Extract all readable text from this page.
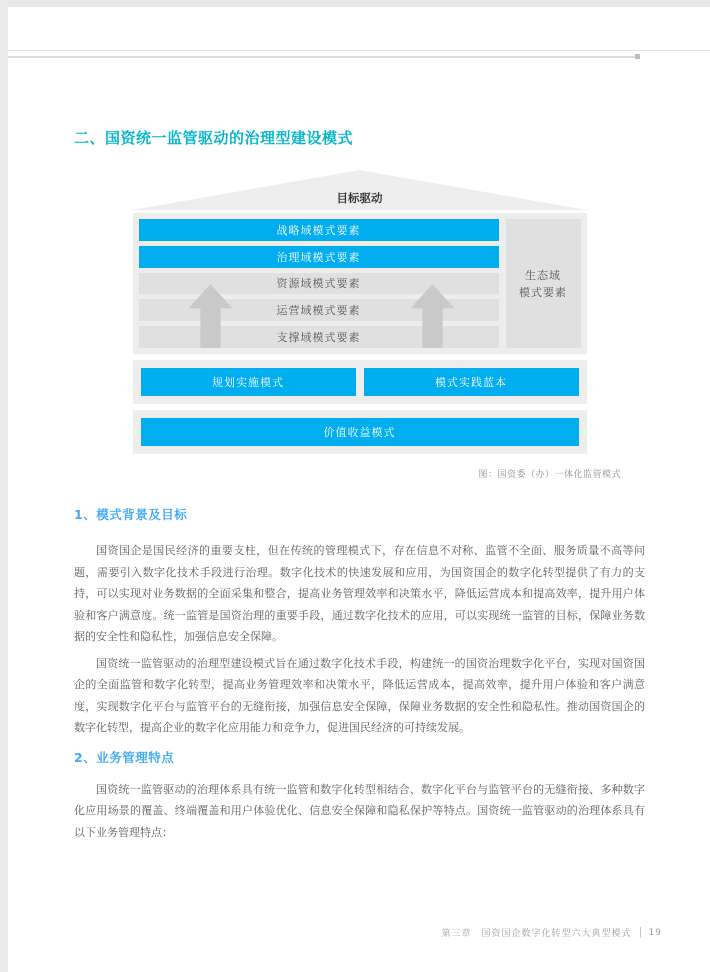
二、国资统一监管驱动的治理型建设模式
目标驱动
战略域模式要素
治理域模式要素
资源域模式要素
运营域模式要素
支撑域模式要素
生态域
模式要素
规划实施模式	模式实践蓝本
价值收益模式
图：国资委（办）一体化监管模式
1、模式背景及目标

国资国企是国民经济的重要支柱，但在传统的管理模式下，存在信息不对称、监管不全面、服务质量不高等问题，需要引入数字化技术手段进行治理。数字化技术的快速发展和应用，为国资国企的数字化转型提供了有力的支持，可以实现对业务数据的全面采集和整合，提高业务管理效率和决策水平，降低运营成本和提高效率，提升用户体验和客户满意度。统一监管是国资治理的重要手段，通过数字化技术的应用，可以实现统一监管的目标，保障业务数据的安全性和隐私性，加强信息安全保障。

国资统一监管驱动的治理型建设模式旨在通过数字化技术手段，构建统一的国资治理数字化平台，实现对国资国企的全面监管和数字化转型，提高业务管理效率和决策水平，降低运营成本，提高效率，提升用户体验和客户满意度，实现数字化平台与监管平台的无缝衔接，加强信息安全保障，保障业务数据的安全性和隐私性。推动国资国企的数字化转型，提高企业的数字化应用能力和竞争力，促进国民经济的可持续发展。

2、业务管理特点

国资统一监管驱动的治理体系具有统一监管和数字化转型相结合、数字化平台与监管平台的无缝衔接、多种数字化应用场景的覆盖、终端覆盖和用户体验优化、信息安全保障和隐私保护等特点。国资统一监管驱动的治理体系具有以下业务管理特点：

第三章　国资国企数字化转型六大典型模式 19
